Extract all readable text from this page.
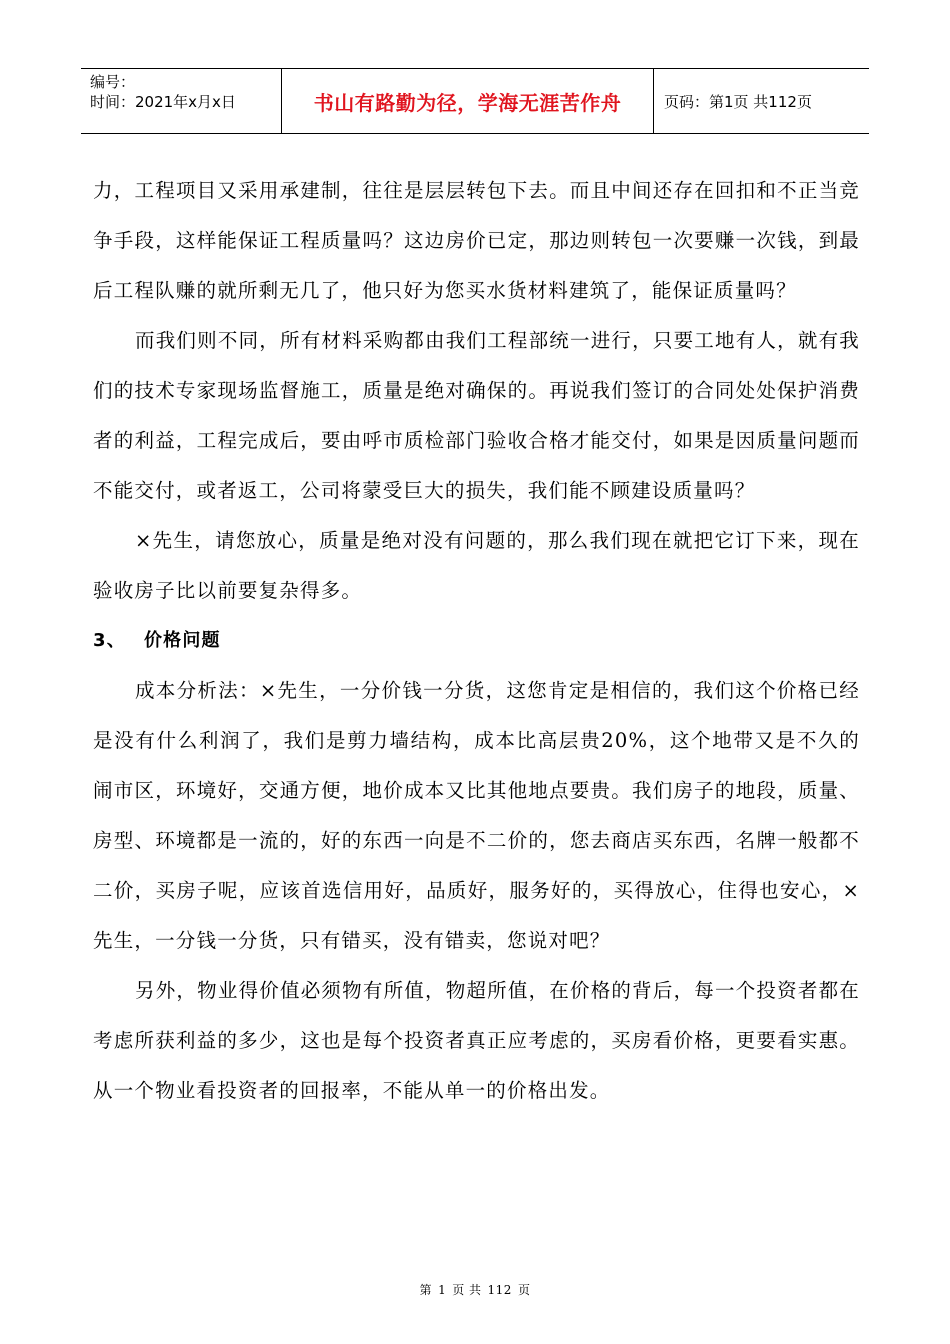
编号：
时间：2021年x月x日	书山有路勤为径，学海无涯苦作舟	页码：第1页 共112页

力，工程项目又采用承建制，往往是层层转包下去。而且中间还存在回扣和不正当竞争手段，这样能保证工程质量吗？这边房价已定，那边则转包一次要赚一次钱，到最后工程队赚的就所剩无几了，他只好为您买水货材料建筑了，能保证质量吗？

而我们则不同，所有材料采购都由我们工程部统一进行，只要工地有人，就有我们的技术专家现场监督施工，质量是绝对确保的。再说我们签订的合同处处保护消费者的利益，工程完成后，要由呼市质检部门验收合格才能交付，如果是因质量问题而不能交付，或者返工，公司将蒙受巨大的损失，我们能不顾建设质量吗？

×先生，请您放心，质量是绝对没有问题的，那么我们现在就把它订下来，现在验收房子比以前要复杂得多。

3、 价格问题

成本分析法：×先生，一分价钱一分货，这您肯定是相信的，我们这个价格已经是没有什么利润了，我们是剪力墙结构，成本比高层贵20%，这个地带又是不久的闹市区，环境好，交通方便，地价成本又比其他地点要贵。我们房子的地段，质量、房型、环境都是一流的，好的东西一向是不二价的，您去商店买东西，名牌一般都不二价，买房子呢，应该首选信用好，品质好，服务好的，买得放心，住得也安心，×先生，一分钱一分货，只有错买，没有错卖，您说对吧？

另外，物业得价值必须物有所值，物超所值，在价格的背后，每一个投资者都在考虑所获利益的多少，这也是每个投资者真正应考虑的，买房看价格，更要看实惠。从一个物业看投资者的回报率，不能从单一的价格出发。

第 1 页 共 112 页
